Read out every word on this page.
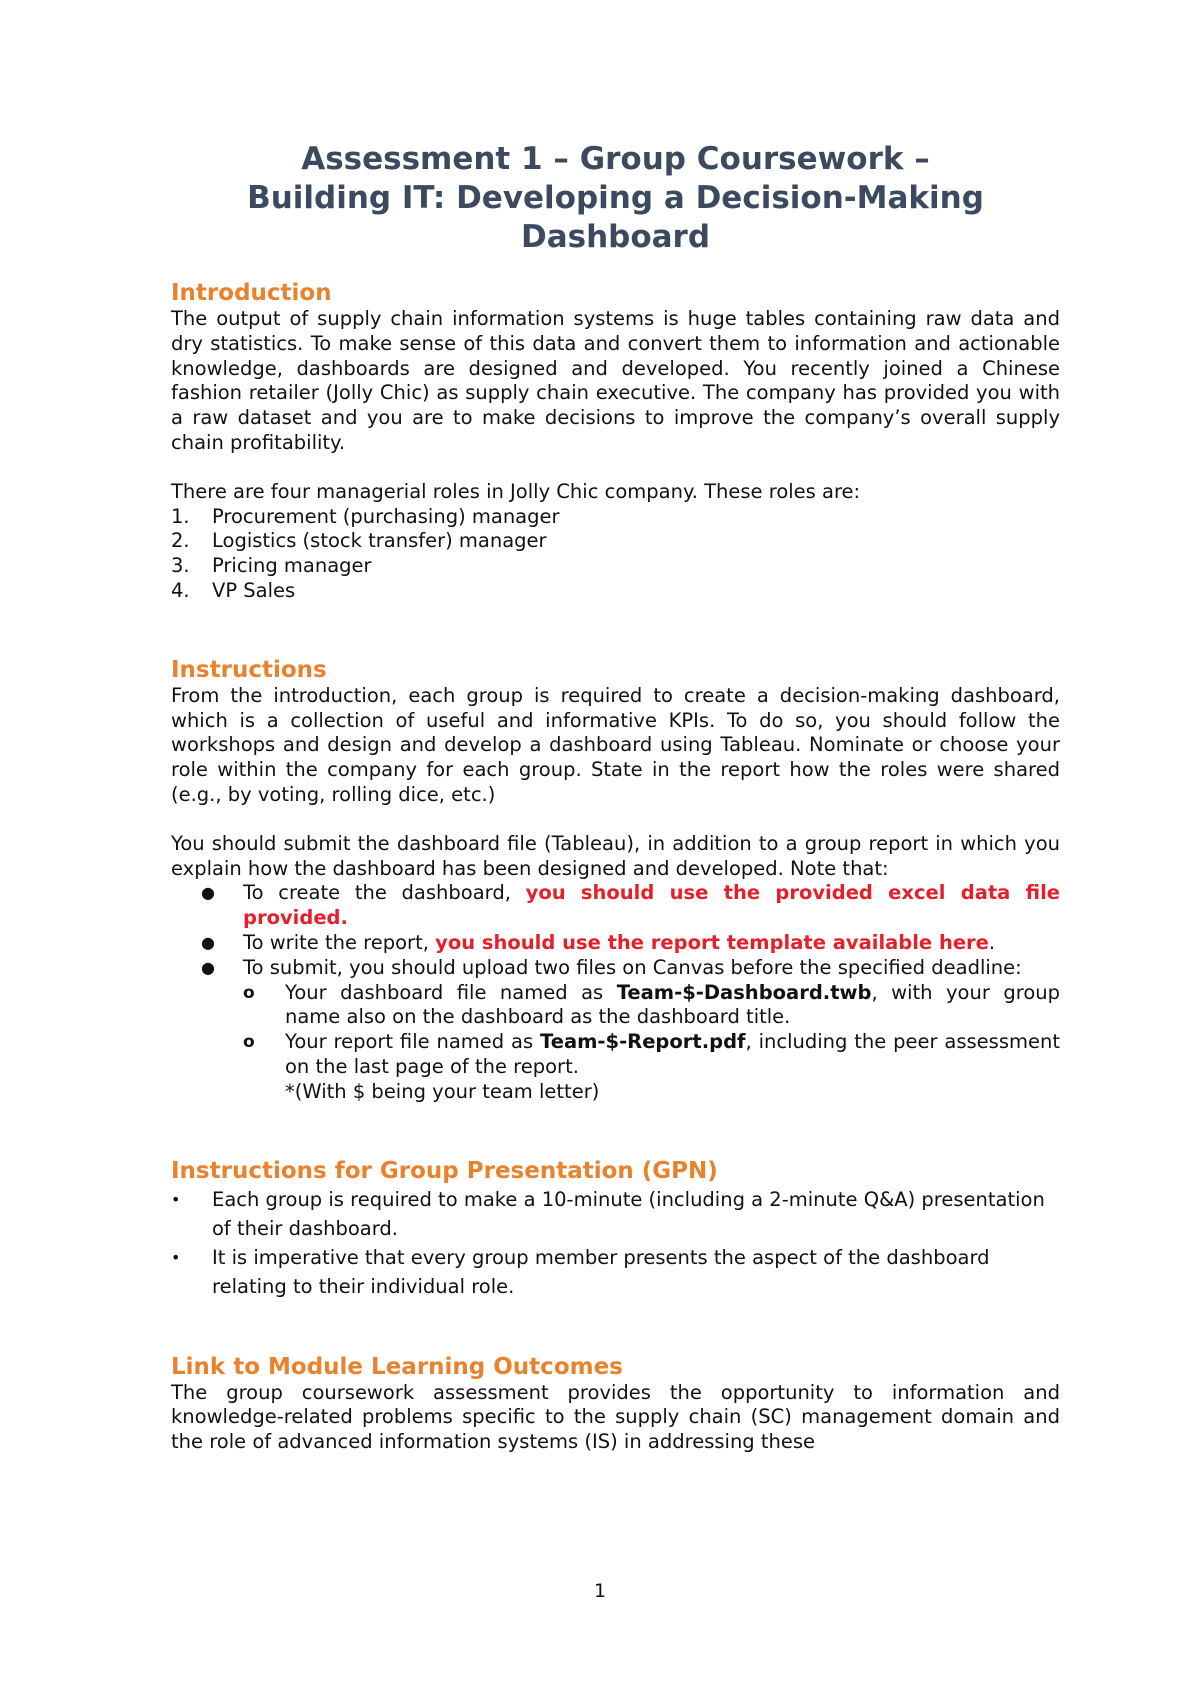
Assessment 1 – Group Coursework –
Building IT: Developing a Decision-Making
Dashboard
Introduction

The output of supply chain information systems is huge tables containing raw data and dry statistics. To make sense of this data and convert them to information and actionable knowledge, dashboards are designed and developed. You recently joined a Chinese fashion retailer (Jolly Chic) as supply chain executive. The company has provided you with a raw dataset and you are to make decisions to improve the company’s overall supply chain profitability.

There are four managerial roles in Jolly Chic company. These roles are:

1.	Procurement (purchasing) manager
2.	Logistics (stock transfer) manager
3.	Pricing manager
4.	VP Sales
Instructions

From the introduction, each group is required to create a decision-making dashboard, which is a collection of useful and informative KPIs. To do so, you should follow the workshops and design and develop a dashboard using Tableau. Nominate or choose your role within the company for each group. State in the report how the roles were shared (e.g., by voting, rolling dice, etc.)

You should submit the dashboard file (Tableau), in addition to a group report in which you explain how the dashboard has been designed and developed. Note that:

●	To create the dashboard, you should use the provided excel data file provided.
●	To write the report, you should use the report template available here.
●	To submit, you should upload two files on Canvas before the specified deadline:
o	Your dashboard file named as Team-$-Dashboard.twb, with your group name also on the dashboard as the dashboard title.
o	Your report file named as Team-$-Report.pdf, including the peer assessment on the last page of the report.
*(With $ being your team letter)
Instructions for Group Presentation (GPN)
•	Each group is required to make a 10-minute (including a 2-minute Q&A) presentation of their dashboard.
•	It is imperative that every group member presents the aspect of the dashboard relating to their individual role.
Link to Module Learning Outcomes

The group coursework assessment provides the opportunity to information and knowledge-related problems specific to the supply chain (SC) management domain and the role of advanced information systems (IS) in addressing these

1
